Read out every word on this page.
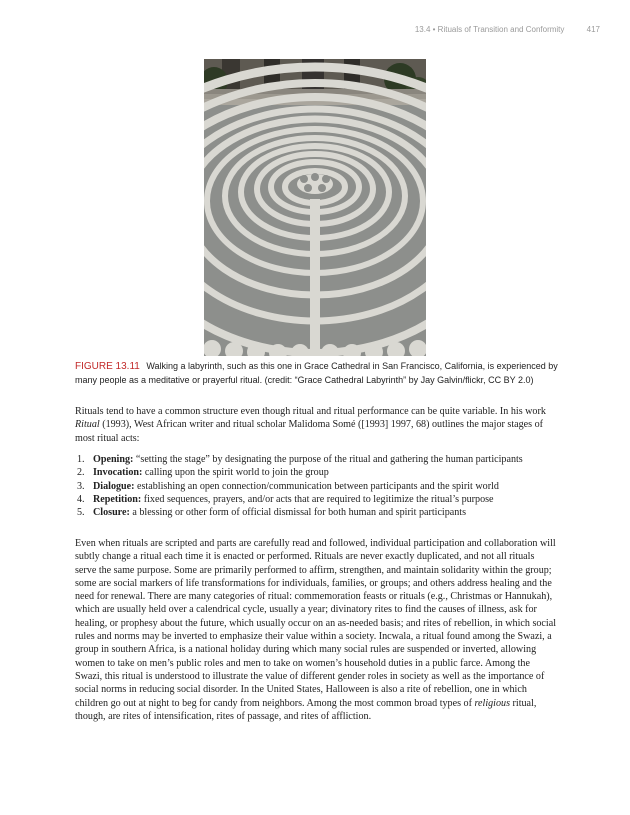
13.4 • Rituals of Transition and Conformity	417
FIGURE 13.11 Walking a labyrinth, such as this one in Grace Cathedral in San Francisco, California, is experienced by many people as a meditative or prayerful ritual. (credit: “Grace Cathedral Labyrinth” by Jay Galvin/flickr, CC BY 2.0)

Rituals tend to have a common structure even though ritual and ritual performance can be quite variable. In his work Ritual (1993), West African writer and ritual scholar Malidoma Somé ([1993] 1997, 68) outlines the major stages of most ritual acts:

1. Opening: “setting the stage” by designating the purpose of the ritual and gathering the human participants
2. Invocation: calling upon the spirit world to join the group
3. Dialogue: establishing an open connection/communication between participants and the spirit world
4. Repetition: fixed sequences, prayers, and/or acts that are required to legitimize the ritual’s purpose
5. Closure: a blessing or other form of official dismissal for both human and spirit participants

Even when rituals are scripted and parts are carefully read and followed, individual participation and collaboration will subtly change a ritual each time it is enacted or performed. Rituals are never exactly duplicated, and not all rituals serve the same purpose. Some are primarily performed to affirm, strengthen, and maintain solidarity within the group; some are social markers of life transformations for individuals, families, or groups; and others address healing and the need for renewal. There are many categories of ritual: commemoration feasts or rituals (e.g., Christmas or Hannukah), which are usually held over a calendrical cycle, usually a year; divinatory rites to find the causes of illness, ask for healing, or prophesy about the future, which usually occur on an as-needed basis; and rites of rebellion, in which social rules and norms may be inverted to emphasize their value within a society. Incwala, a ritual found among the Swazi, a group in southern Africa, is a national holiday during which many social rules are suspended or inverted, allowing women to take on men’s public roles and men to take on women’s household duties in a public farce. Among the Swazi, this ritual is understood to illustrate the value of different gender roles in society as well as the importance of social norms in reducing social disorder. In the United States, Halloween is also a rite of rebellion, one in which children go out at night to beg for candy from neighbors. Among the most common broad types of religious ritual, though, are rites of intensification, rites of passage, and rites of affliction.
